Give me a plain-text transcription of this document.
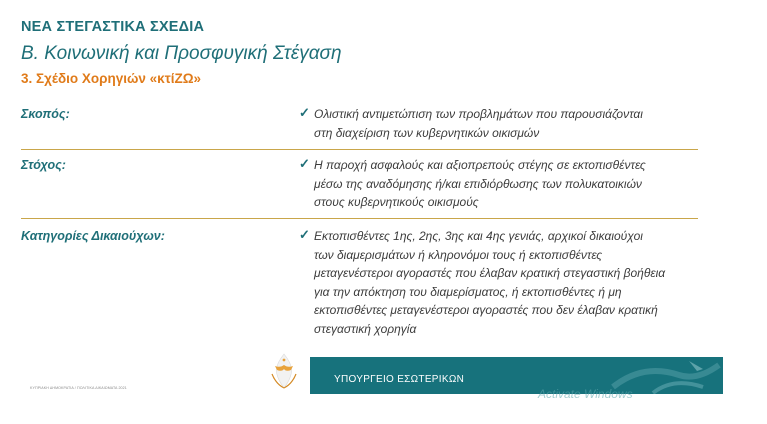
ΝΕΑ ΣΤΕΓΑΣΤΙΚΑ ΣΧΕΔΙΑ
Β. Κοινωνική και Προσφυγική Στέγαση
3. Σχέδιο Χορηγιών «κτίΖΩ»
Σκοπός:	✓ Ολιστική αντιμετώπιση των προβλημάτων που παρουσιάζονται
στη διαχείριση των κυβερνητικών οικισμών
Στόχος:	✓ Η παροχή ασφαλούς και αξιοπρεπούς στέγης σε εκτοπισθέντες
μέσω της αναδόμησης ή/και επιδιόρθωσης των πολυκατοικιών
στους κυβερνητικούς οικισμούς
Κατηγορίες Δικαιούχων:	✓ Εκτοπισθέντες 1ης, 2ης, 3ης και 4ης γενιάς, αρχικοί δικαιούχοι
των διαμερισμάτων ή κληρονόμοι τους ή εκτοπισθέντες
μεταγενέστεροι αγοραστές που έλαβαν κρατική στεγαστική βοήθεια
για την απόκτηση του διαμερίσματος, ή εκτοπισθέντες ή μη
εκτοπισθέντες μεταγενέστεροι αγοραστές που δεν έλαβαν κρατική
στεγαστική χορηγία
ΚΥΠΡΙΑΚΗ ΔΗΜΟΚΡΑΤΙΑ / ΠΟΛΙΤΙΚΑ ΔΙΚΑΙΩΜΑΤΑ 2021
ΥΠΟΥΡΓΕΙΟ ΕΣΩΤΕΡΙΚΩΝ
Activate Windows
